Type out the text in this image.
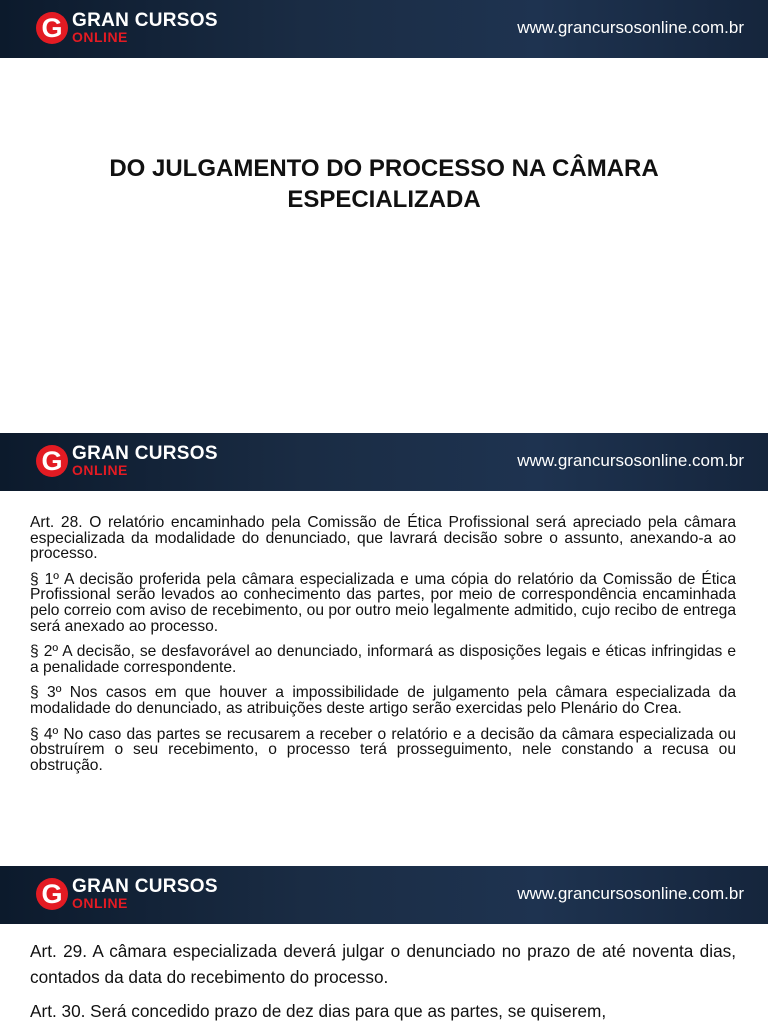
G GRAN CURSOS
ONLINE	www.grancursosonline.com.br
DO JULGAMENTO DO PROCESSO NA CÂMARA
ESPECIALIZADA
G GRAN CURSOS
ONLINE	www.grancursosonline.com.br

Art. 28. O relatório encaminhado pela Comissão de Ética Profissional será apreciado pela câmara especializada da modalidade do denunciado, que lavrará decisão sobre o assunto, anexando-a ao processo.

§ 1º A decisão proferida pela câmara especializada e uma cópia do relatório da Comissão de Ética Profissional serão levados ao conhecimento das partes, por meio de correspondência encaminhada pelo correio com aviso de recebimento, ou por outro meio legalmente admitido, cujo recibo de entrega será anexado ao processo.

§ 2º A decisão, se desfavorável ao denunciado, informará as disposições legais e éticas infringidas e a penalidade correspondente.

§ 3º Nos casos em que houver a impossibilidade de julgamento pela câmara especializada da modalidade do denunciado, as atribuições deste artigo serão exercidas pelo Plenário do Crea.

§ 4º No caso das partes se recusarem a receber o relatório e a decisão da câmara especializada ou obstruírem o seu recebimento, o processo terá prosseguimento, nele constando a recusa ou obstrução.

G GRAN CURSOS
ONLINE	www.grancursosonline.com.br

Art. 29. A câmara especializada deverá julgar o denunciado no prazo de até noventa dias, contados da data do recebimento do processo.

Art. 30. Será concedido prazo de dez dias para que as partes, se quiserem,
